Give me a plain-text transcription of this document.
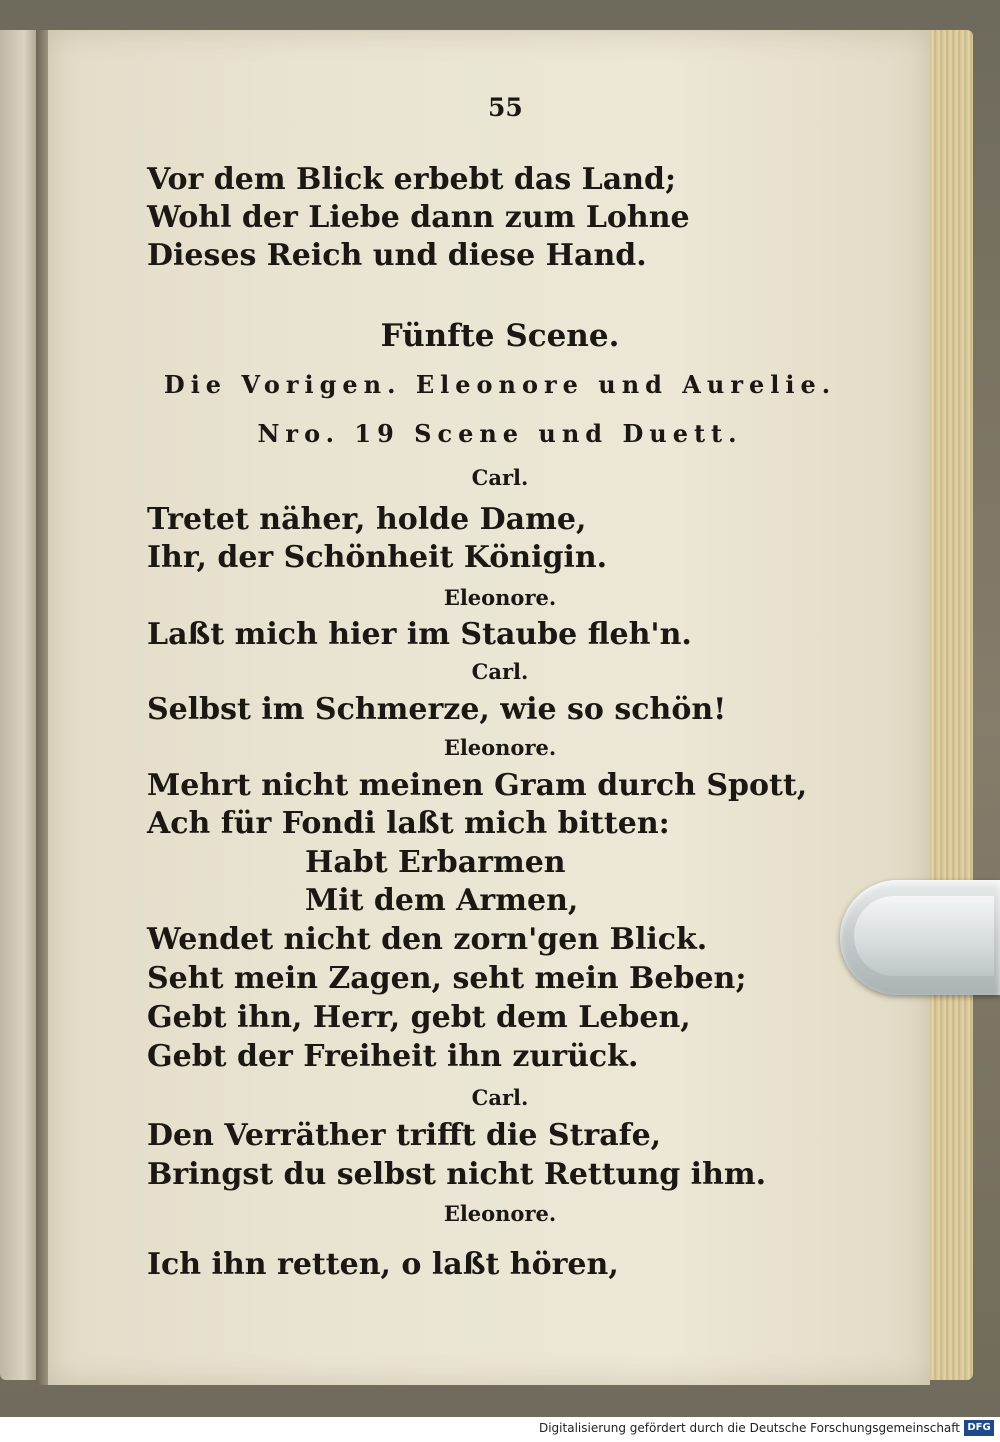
55
Vor dem Blick erbebt das Land;
Wohl der Liebe dann zum Lohne
Dieses Reich und diese Hand.
Fünfte Scene.
Die Vorigen. Eleonore und Aurelie.
Nro. 19 Scene und Duett.
Carl.
Tretet näher, holde Dame,
Ihr, der Schönheit Königin.
Eleonore.
Laßt mich hier im Staube fleh'n.
Carl.
Selbst im Schmerze, wie so schön!
Eleonore.
Mehrt nicht meinen Gram durch Spott,
Ach für Fondi laßt mich bitten:
Habt Erbarmen
Mit dem Armen,
Wendet nicht den zorn'gen Blick.
Seht mein Zagen, seht mein Beben;
Gebt ihn, Herr, gebt dem Leben,
Gebt der Freiheit ihn zurück.
Carl.
Den Verräther trifft die Strafe,
Bringst du selbst nicht Rettung ihm.
Eleonore.
Ich ihn retten, o laßt hören,
Digitalisierung gefördert durch die Deutsche Forschungsgemeinschaft DFG
